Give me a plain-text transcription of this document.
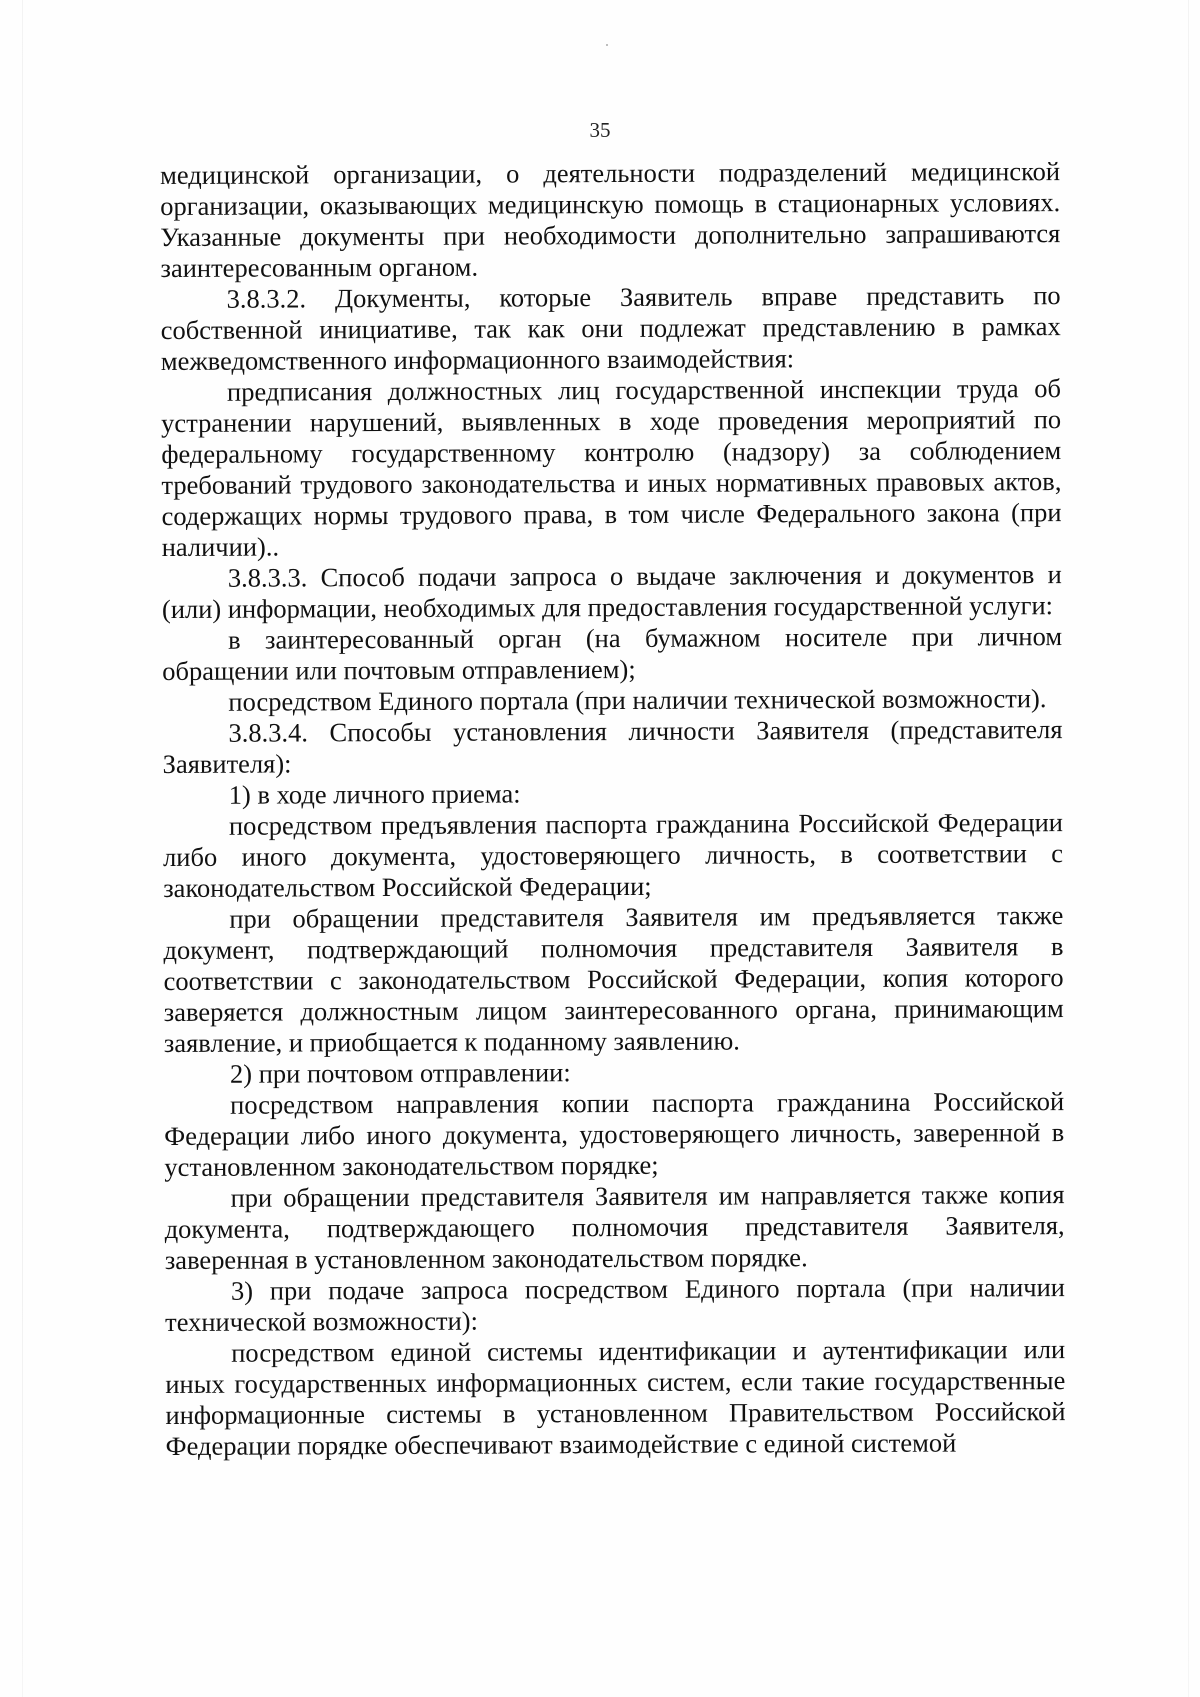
35

медицинской организации, о деятельности подразделений медицинской организации, оказывающих медицинскую помощь в стационарных условиях. Указанные документы при необходимости дополнительно запрашиваются заинтересованным органом.

3.8.3.2. Документы, которые Заявитель вправе представить по собственной инициативе, так как они подлежат представлению в рамках межведомственного информационного взаимодействия:

предписания должностных лиц государственной инспекции труда об устранении нарушений, выявленных в ходе проведения мероприятий по федеральному государственному контролю (надзору) за соблюдением требований трудового законодательства и иных нормативных правовых актов, содержащих нормы трудового права, в том числе Федерального закона (при наличии)..

3.8.3.3. Способ подачи запроса о выдаче заключения и документов и (или) информации, необходимых для предоставления государственной услуги:

в заинтересованный орган (на бумажном носителе при личном обращении или почтовым отправлением);

посредством Единого портала (при наличии технической возможности).

3.8.3.4. Способы установления личности Заявителя (представителя Заявителя):

1) в ходе личного приема:

посредством предъявления паспорта гражданина Российской Федерации либо иного документа, удостоверяющего личность, в соответствии с законодательством Российской Федерации;

при обращении представителя Заявителя им предъявляется также документ, подтверждающий полномочия представителя Заявителя в соответствии с законодательством Российской Федерации, копия которого заверяется должностным лицом заинтересованного органа, принимающим заявление, и приобщается к поданному заявлению.

2) при почтовом отправлении:

посредством направления копии паспорта гражданина Российской Федерации либо иного документа, удостоверяющего личность, заверенной в установленном законодательством порядке;

при обращении представителя Заявителя им направляется также копия документа, подтверждающего полномочия представителя Заявителя, заверенная в установленном законодательством порядке.

3) при подаче запроса посредством Единого портала (при наличии технической возможности):

посредством единой системы идентификации и аутентификации или иных государственных информационных систем, если такие государственные информационные системы в установленном Правительством Российской Федерации порядке обеспечивают взаимодействие с единой системой
